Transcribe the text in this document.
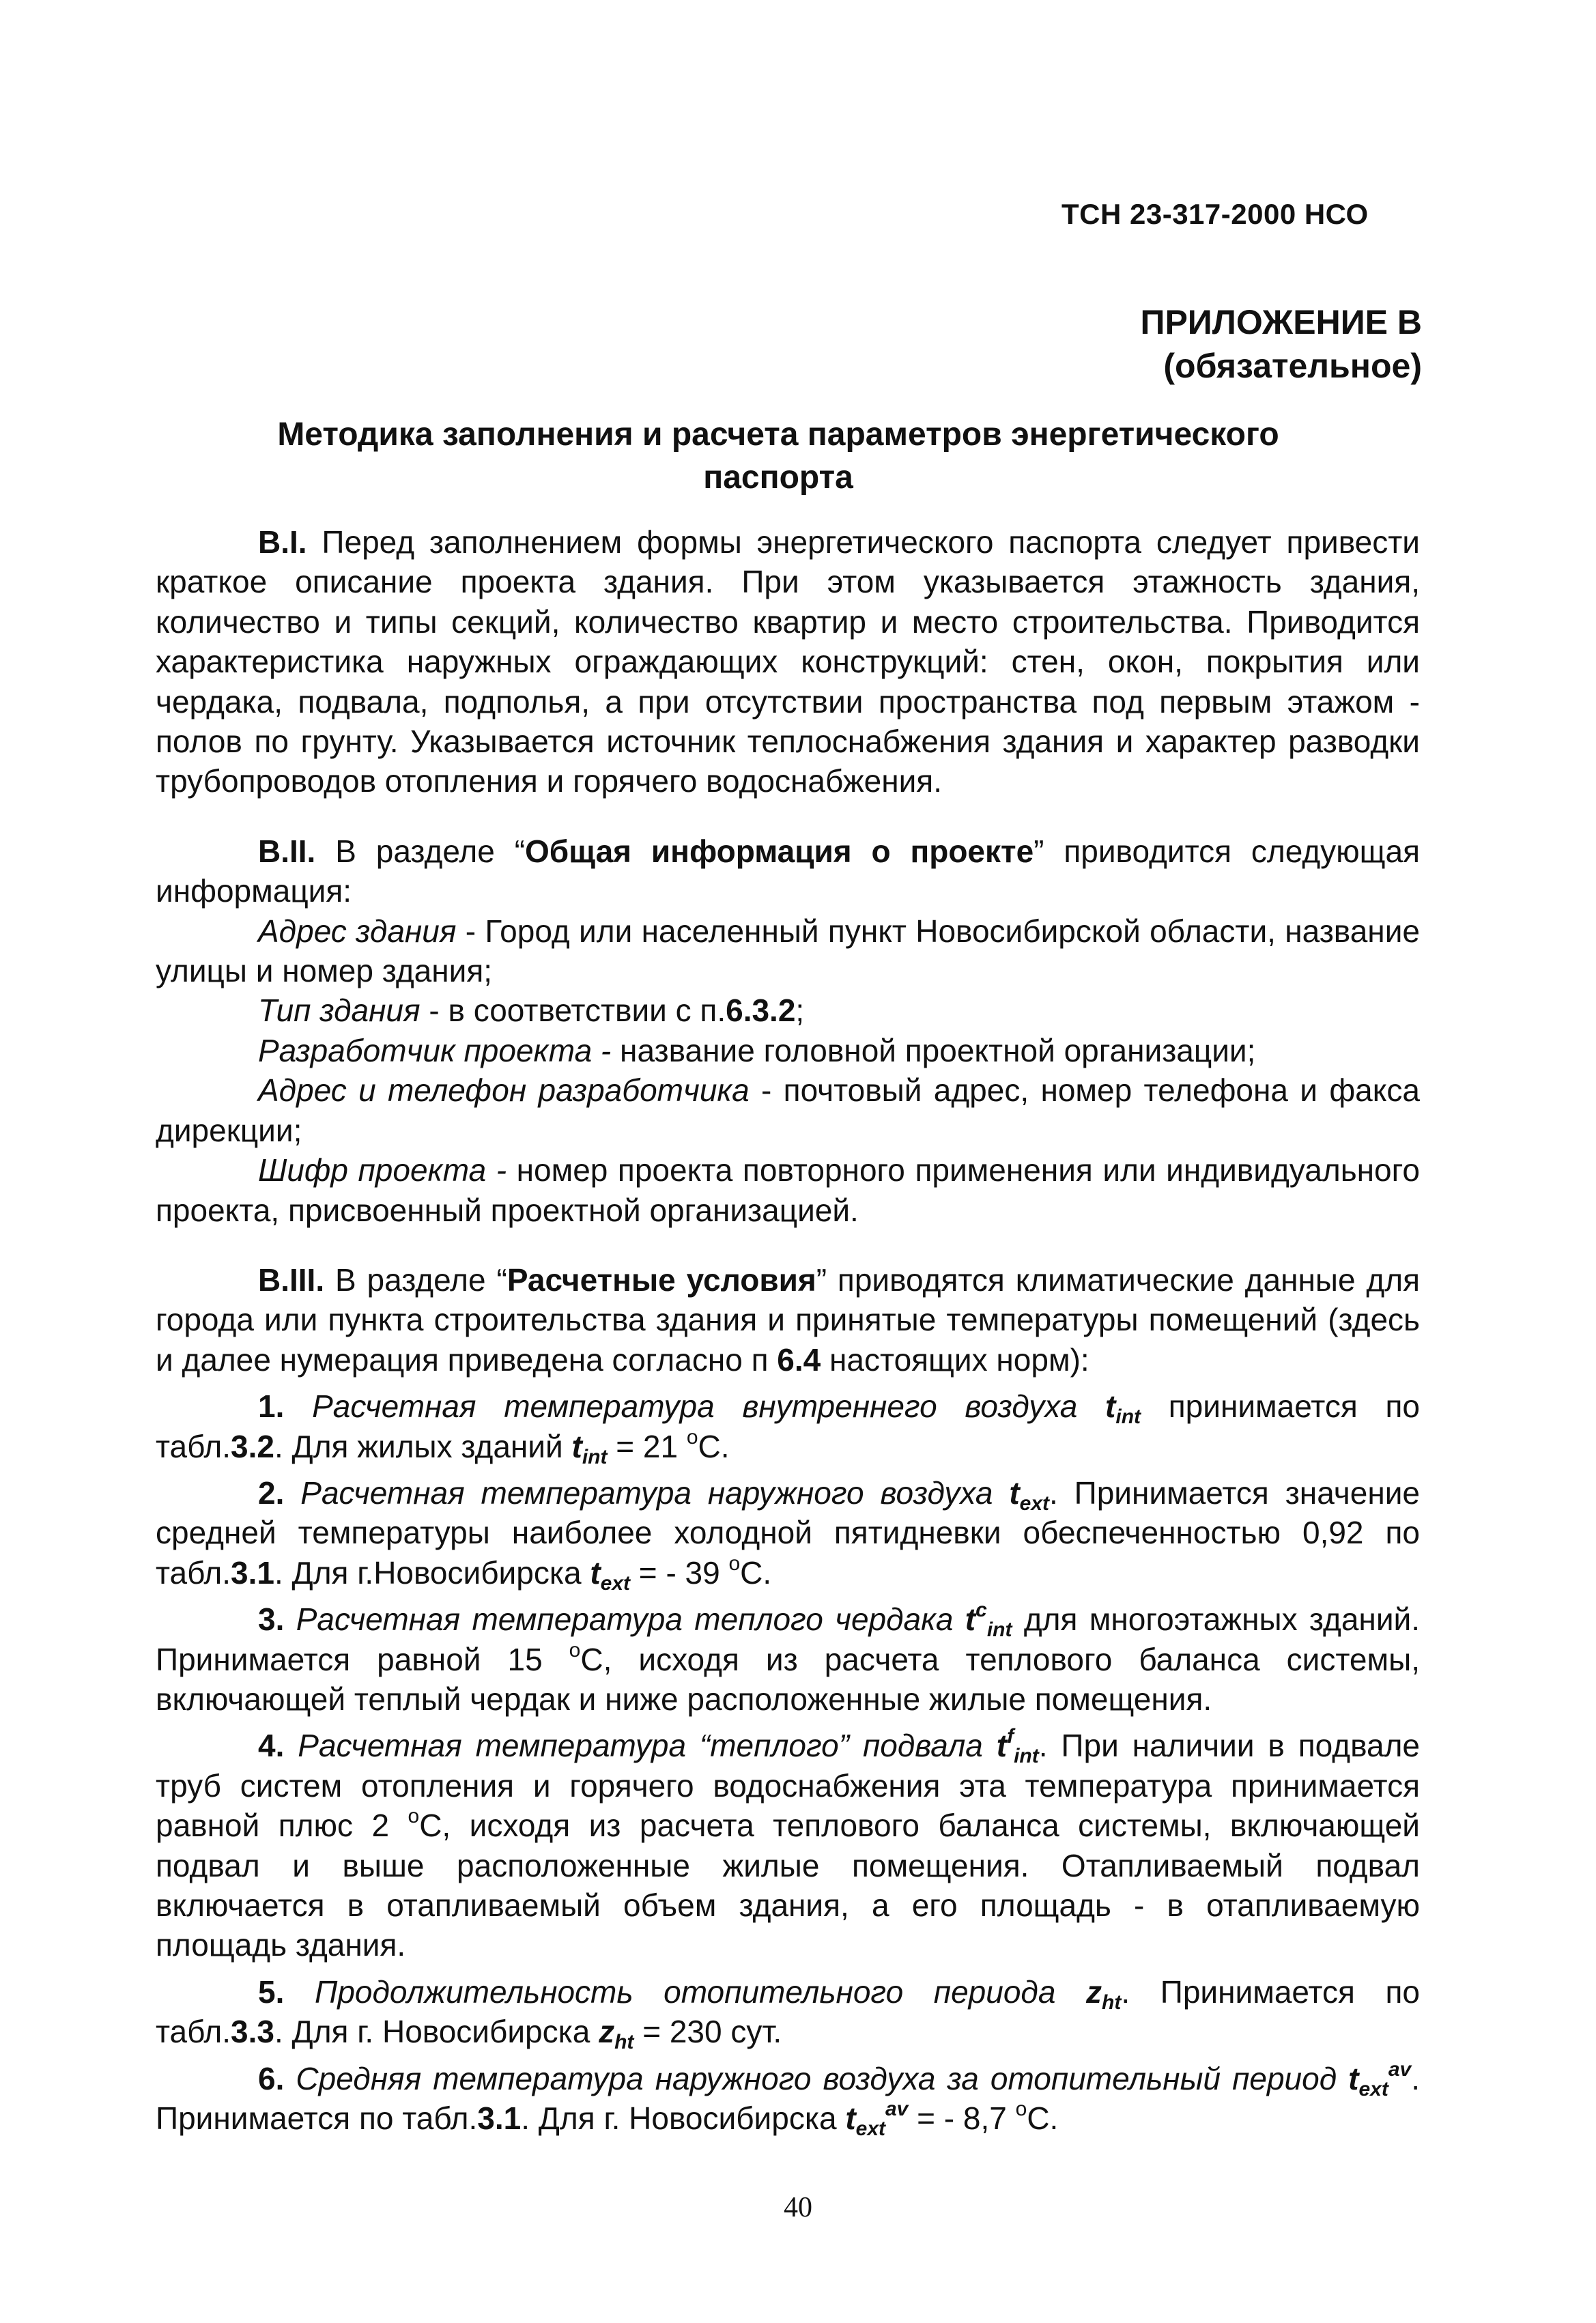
ТСН 23-317-2000 НСО
ПРИЛОЖЕНИЕ В
(обязательное)
Методика заполнения и расчета параметров энергетического
паспорта

В.I. Перед заполнением формы энергетического паспорта следует привести краткое описание проекта здания. При этом указывается этажность здания, количество и типы секций, количество квартир и место строительства. Приводится характеристика наружных ограждающих конструкций: стен, окон, покрытия или чердака, подвала, подполья, а при отсутствии пространства под первым этажом - полов по грунту. Указывается источник теплоснабжения здания и характер разводки трубопроводов отопления и горячего водоснабжения.

В.II. В разделе “Общая информация о проекте” приводится следующая информация:

Адрес здания - Город или населенный пункт Новосибирской области, название улицы и номер здания;

Тип здания - в соответствии с п.6.3.2;

Разработчик проекта - название головной проектной организации;

Адрес и телефон разработчика - почтовый адрес, номер телефона и факса дирекции;

Шифр проекта - номер проекта повторного применения или индивидуального проекта, присвоенный проектной организацией.

В.III. В разделе “Расчетные условия” приводятся климатические данные для города или пункта строительства здания и принятые температуры помещений (здесь и далее нумерация приведена согласно п 6.4 настоящих норм):

1. Расчетная температура внутреннего воздуха $t_{int}$ принимается по табл.3.2. Для жилых зданий $t_{int} = 21$ $^o$C.

2. Расчетная температура наружного воздуха $t_{ext}$. Принимается значение средней температуры наиболее холодной пятидневки обеспеченностью 0,92 по табл.3.1. Для г.Новосибирска $t_{ext}$ = - 39 $^o$C.

3. Расчетная температура теплого чердака $t^c_{int}$ для многоэтажных зданий. Принимается равной 15 $^o$C, исходя из расчета теплового баланса системы, включающей теплый чердак и ниже расположенные жилые помещения.

4. Расчетная температура “теплого” подвала $t^f_{int}$. При наличии в подвале труб систем отопления и горячего водоснабжения эта температура принимается равной плюс 2 $^o$C, исходя из расчета теплового баланса системы, включающей подвал и выше расположенные жилые помещения. Отапливаемый подвал включается в отапливаемый объем здания, а его площадь - в отапливаемую площадь здания.

5. Продолжительность отопительного периода $z_{ht}$. Принимается по табл.3.3. Для г. Новосибирска $z_{ht} = 230$ сут.

6. Средняя температура наружного воздуха за отопительный период $t_{ext}^{av}$. Принимается по табл.3.1. Для г. Новосибирска $t_{ext}^{av}$ = - 8,7 $^o$C.

40
